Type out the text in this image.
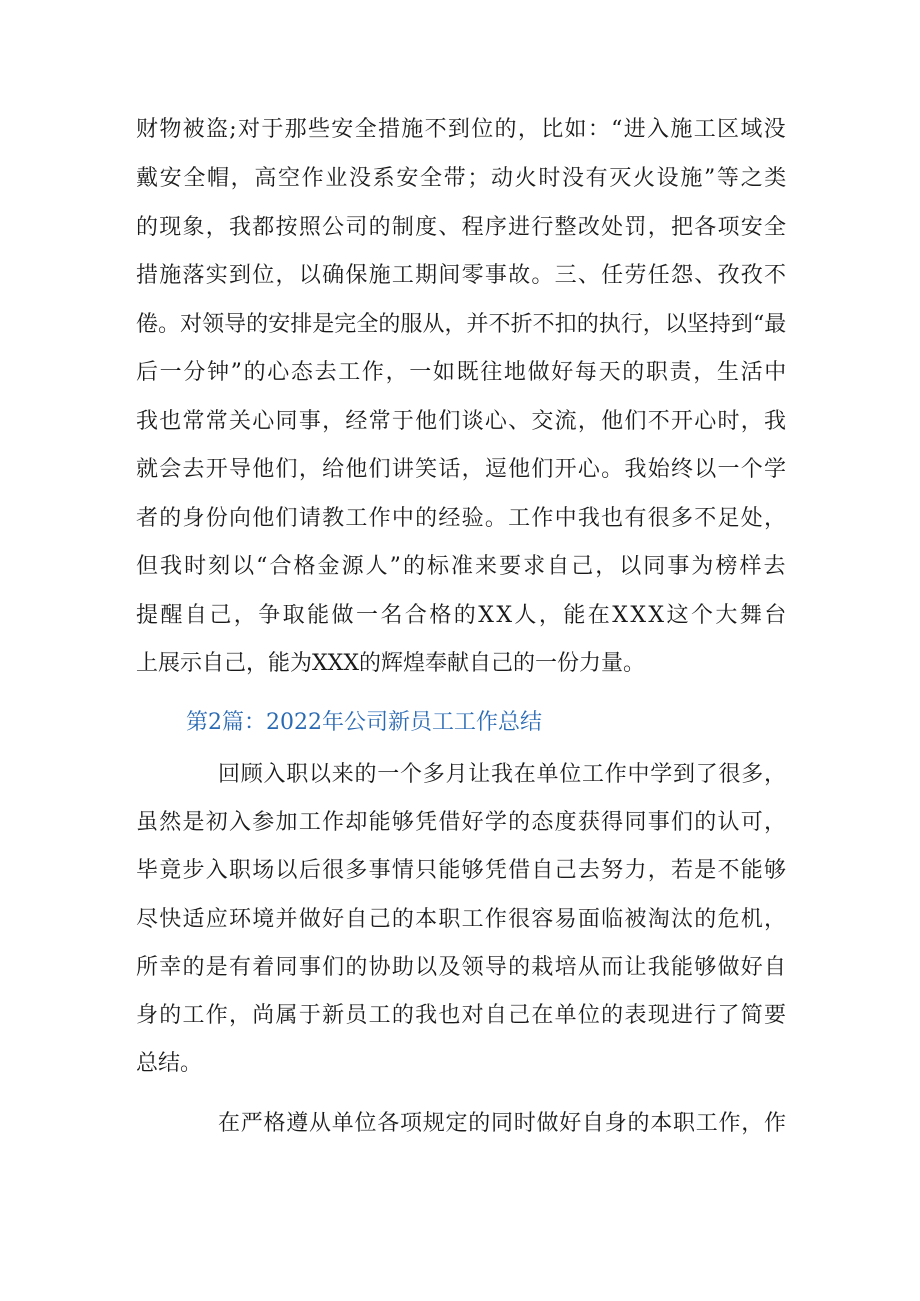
财物被盗;对于那些安全措施不到位的，比如：“进入施工区域没
戴安全帽，高空作业没系安全带；动火时没有灭火设施”等之类
的现象，我都按照公司的制度、程序进行整改处罚，把各项安全
措施落实到位，以确保施工期间零事故。三、任劳任怨、孜孜不
倦。对领导的安排是完全的服从，并不折不扣的执行，以坚持到“最
后一分钟”的心态去工作，一如既往地做好每天的职责，生活中
我也常常关心同事，经常于他们谈心、交流，他们不开心时，我
就会去开导他们，给他们讲笑话，逗他们开心。我始终以一个学
者的身份向他们请教工作中的经验。工作中我也有很多不足处，
但我时刻以“合格金源人”的标准来要求自己，以同事为榜样去
提醒自己，争取能做一名合格的XX人，能在XXX这个大舞台
上展示自己，能为XXX的辉煌奉献自己的一份力量。
第2篇：2022年公司新员工工作总结
回顾入职以来的一个多月让我在单位工作中学到了很多，
虽然是初入参加工作却能够凭借好学的态度获得同事们的认可，
毕竟步入职场以后很多事情只能够凭借自己去努力，若是不能够
尽快适应环境并做好自己的本职工作很容易面临被淘汰的危机，
所幸的是有着同事们的协助以及领导的栽培从而让我能够做好自
身的工作，尚属于新员工的我也对自己在单位的表现进行了简要
总结。
在严格遵从单位各项规定的同时做好自身的本职工作，作
